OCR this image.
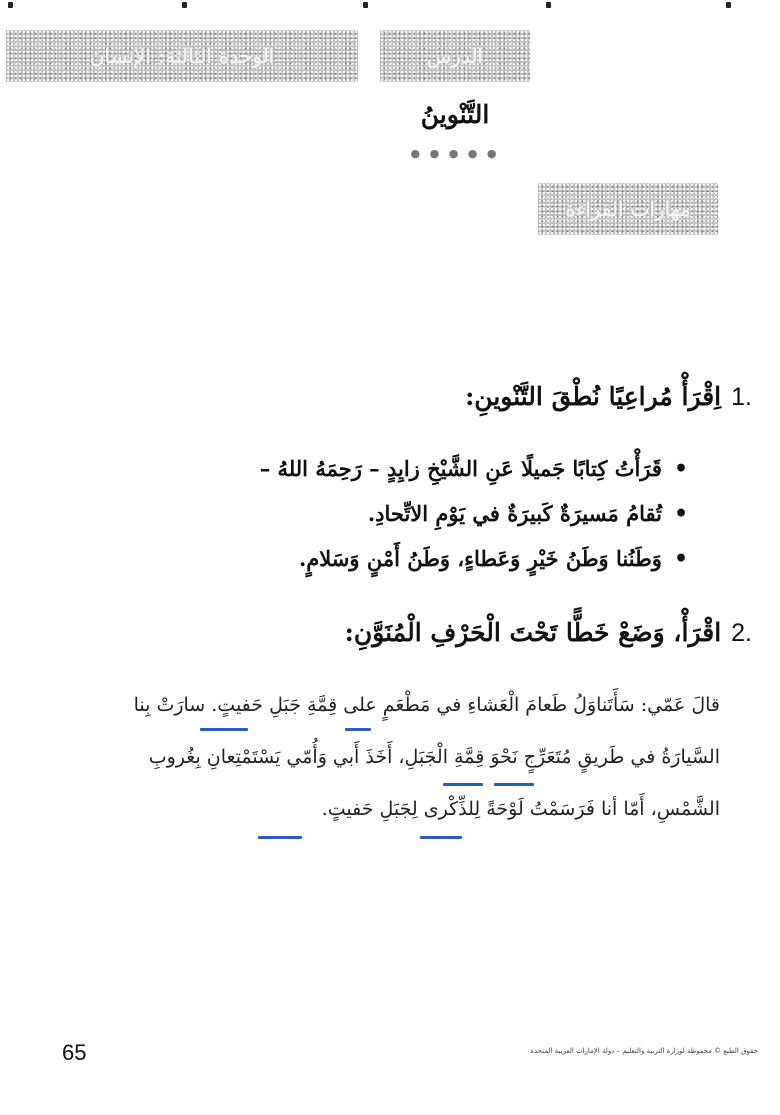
الوحدة الثالثة: الإنسان	الدرس
التَّنْوينُ
● ● ● ● ●
مهارات القراءة
1.
اِقْرَأْ مُراعِيًا نُطْقَ التَّنْوينِ:
• قَرَأْتُ كِتابًا جَميلًا عَنِ الشَّيْخِ زايِدٍ – رَحِمَهُ اللهُ –
• تُقامُ مَسيرَةٌ كَبيرَةٌ في يَوْمِ الاتِّحادِ.
• وَطَنُنا وَطَنُ خَيْرٍ وَعَطاءٍ، وَطَنُ أَمْنٍ وَسَلامٍ.
2.
اقْرَأْ، وَضَعْ خَطًّا تَحْتَ الْحَرْفِ الْمُنَوَّنِ:
قالَ عَمّي: سَأَتَناوَلُ طَعامَ الْعَشاءِ في مَطْعَمٍ على قِمَّةِ جَبَلِ حَفيتٍ. سارَتْ بِنا
السَّيارَةُ في طَريقٍ مُتَعَرِّجٍ نَحْوَ قِمَّةِ الْجَبَلِ، أَخَذَ أَبي وَأُمّي يَسْتَمْتِعانِ بِغُروبِ
الشَّمْسِ، أَمّا أنا فَرَسَمْتُ لَوْحَةً لِلذِّكْرى لِجَبَلِ حَفيتٍ.
65	حقوق الطبع © محفوظة لوزارة التربية والتعليم – دولة الإمارات العربية المتحدة
